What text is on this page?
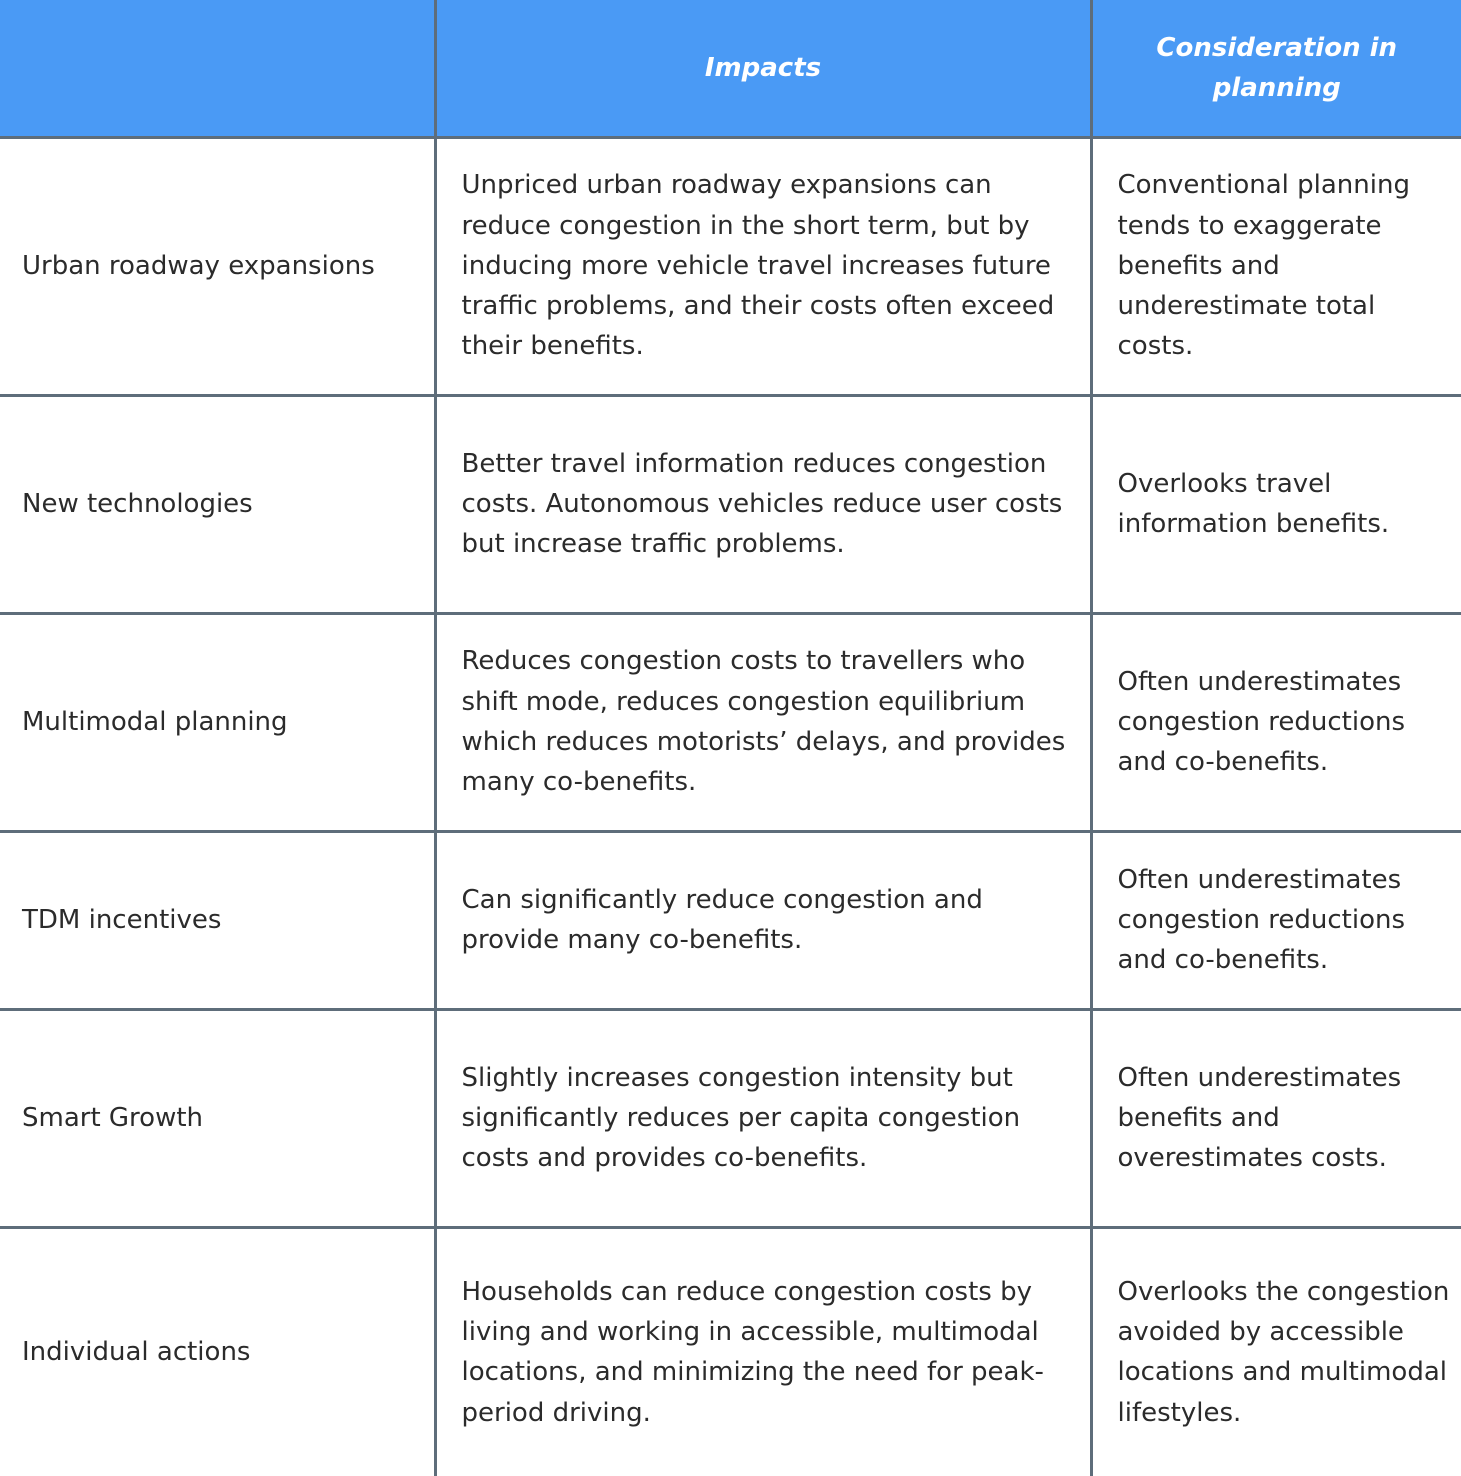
	Impacts	Consideration in planning
Urban roadway expansions	Unpriced urban roadway expansions can reduce congestion in the short term, but by inducing more vehicle travel increases future traffic problems, and their costs often exceed their benefits.	Conventional planning tends to exaggerate benefits and underestimate total costs.
New technologies	Better travel information reduces congestion costs. Autonomous vehicles reduce user costs but increase traffic problems.	Overlooks travel information benefits.
Multimodal planning	Reduces congestion costs to travellers who shift mode, reduces congestion equilibrium which reduces motorists’ delays, and provides many co-benefits.	Often underestimates congestion reductions and co-benefits.
TDM incentives	Can significantly reduce congestion and provide many co-benefits.	Often underestimates congestion reductions and co-benefits.
Smart Growth	Slightly increases congestion intensity but significantly reduces per capita congestion costs and provides co-benefits.	Often underestimates benefits and overestimates costs.
Individual actions	Households can reduce congestion costs by living and working in accessible, multimodal locations, and minimizing the need for peak-period driving.	Overlooks the congestion avoided by accessible locations and multimodal lifestyles.
